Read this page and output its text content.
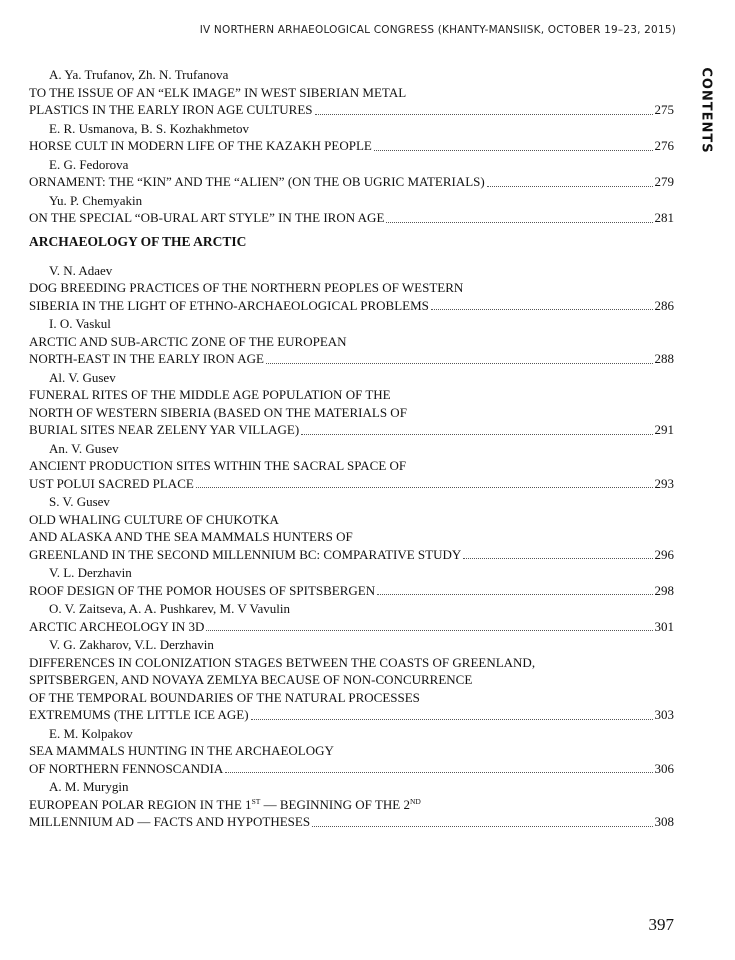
IV NORTHERN ARHAEOLOGICAL CONGRESS (KHANTY-MANSIISK, OCTOBER 19–23, 2015)
CONTENTS
A. Ya. Trufanov, Zh. N. Trufanova
TO THE ISSUE OF AN “ELK IMAGE” IN WEST SIBERIAN METAL
PLASTICS IN THE EARLY IRON AGE CULTURES	275
E. R. Usmanova, B. S. Kozhakhmetov
HORSE CULT IN MODERN LIFE OF THE KAZAKH PEOPLE	276
E. G. Fedorova
ORNAMENT: THE “KIN” AND THE “ALIEN” (ON THE OB UGRIC MATERIALS)	279
Yu. P. Chemyakin
ON THE SPECIAL “OB-URAL ART STYLE” IN THE IRON AGE	281
ARCHAEOLOGY OF THE ARCTIC
V. N. Adaev
DOG BREEDING PRACTICES OF THE NORTHERN PEOPLES OF WESTERN
SIBERIA IN THE LIGHT OF ETHNO-ARCHAEOLOGICAL PROBLEMS	286
I. O. Vaskul
ARCTIC AND SUB-ARCTIC ZONE OF THE EUROPEAN
NORTH-EAST IN THE EARLY IRON AGE	288
Al. V. Gusev
FUNERAL RITES OF THE MIDDLE AGE POPULATION OF THE
NORTH OF WESTERN SIBERIA (BASED ON THE MATERIALS OF
BURIAL SITES NEAR ZELENY YAR VILLAGE)	291
An. V. Gusev
ANCIENT PRODUCTION SITES WITHIN THE SACRAL SPACE OF
UST POLUI SACRED PLACE	293
S. V. Gusev
OLD WHALING CULTURE OF CHUKOTKA
AND ALASKA AND THE SEA MAMMALS HUNTERS OF
GREENLAND IN THE SECOND MILLENNIUM BC: COMPARATIVE STUDY	296
V. L. Derzhavin
ROOF DESIGN OF THE POMOR HOUSES OF SPITSBERGEN	298
O. V. Zaitseva, A. A. Pushkarev, M. V Vavulin
ARCTIC ARCHEOLOGY IN 3D	301
V. G. Zakharov, V.L. Derzhavin
DIFFERENCES IN COLONIZATION STAGES BETWEEN THE COASTS OF GREENLAND,
SPITSBERGEN, AND NOVAYA ZEMLYA BECAUSE OF NON-CONCURRENCE
OF THE TEMPORAL BOUNDARIES OF THE NATURAL PROCESSES
EXTREMUMS (THE LITTLE ICE AGE)	303
E. M. Kolpakov
SEA MAMMALS HUNTING IN THE ARCHAEOLOGY
OF NORTHERN FENNOSCANDIA	306
A. M. Murygin
EUROPEAN POLAR REGION IN THE 1ST — BEGINNING OF THE 2ND
MILLENNIUM AD — FACTS AND HYPOTHESES	308
397
